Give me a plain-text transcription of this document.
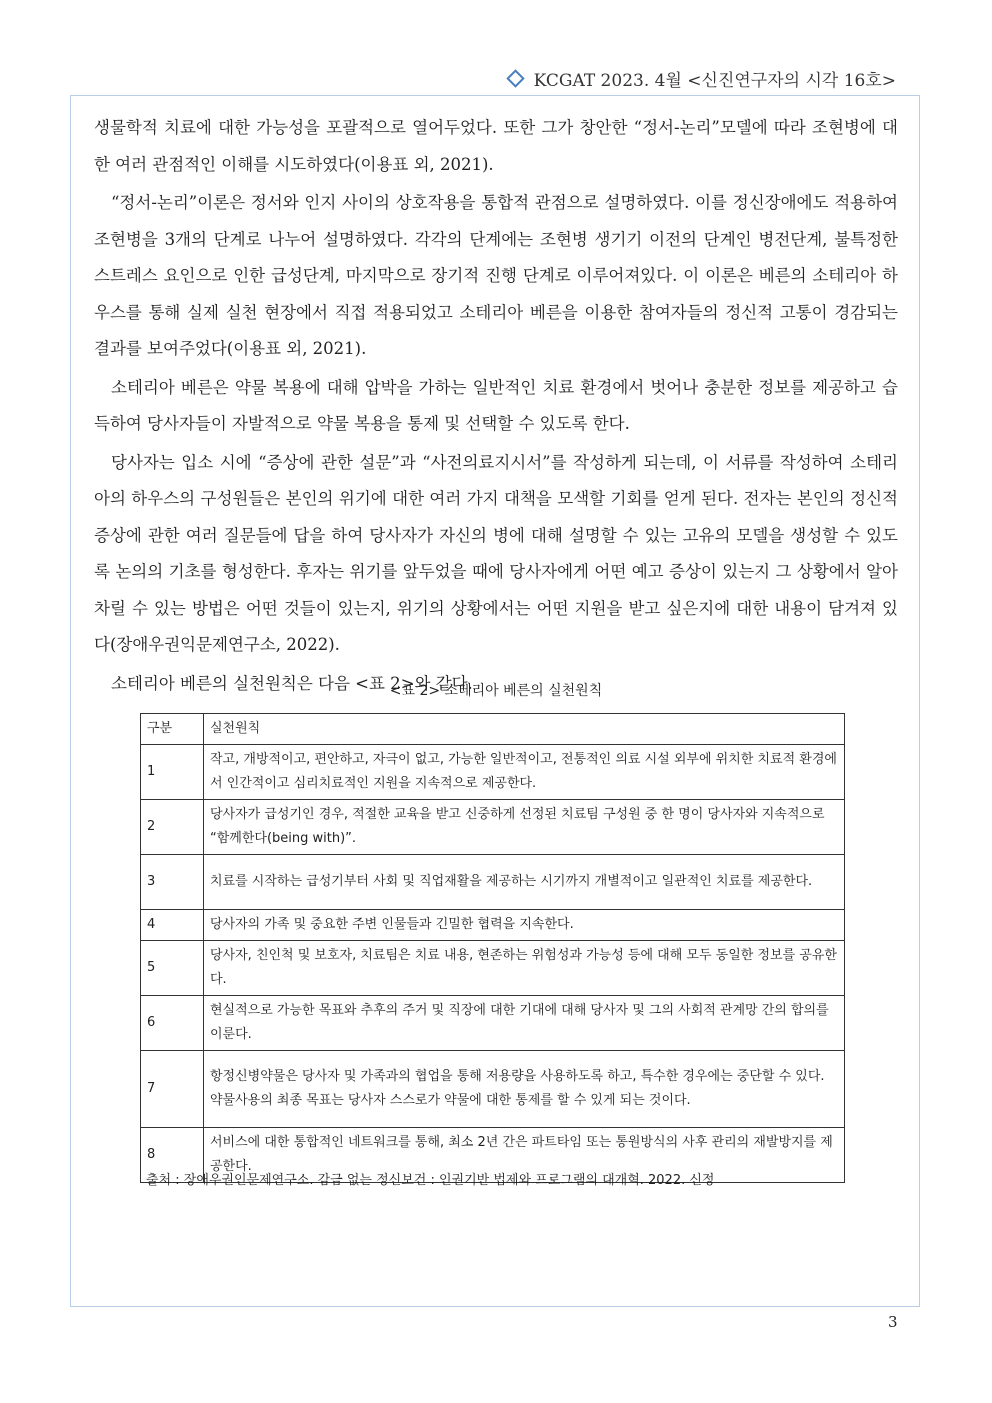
KCGAT 2023. 4월 <신진연구자의 시각 16호>

생물학적 치료에 대한 가능성을 포괄적으로 열어두었다. 또한 그가 창안한 “정서-논리”모델에 따라 조현병에 대한 여러 관점적인 이해를 시도하였다(이용표 외, 2021).

“정서-논리”이론은 정서와 인지 사이의 상호작용을 통합적 관점으로 설명하였다. 이를 정신장애에도 적용하여 조현병을 3개의 단계로 나누어 설명하였다. 각각의 단계에는 조현병 생기기 이전의 단계인 병전단계, 불특정한 스트레스 요인으로 인한 급성단계, 마지막으로 장기적 진행 단계로 이루어져있다. 이 이론은 베른의 소테리아 하우스를 통해 실제 실천 현장에서 직접 적용되었고 소테리아 베른을 이용한 참여자들의 정신적 고통이 경감되는 결과를 보여주었다(이용표 외, 2021).

소테리아 베른은 약물 복용에 대해 압박을 가하는 일반적인 치료 환경에서 벗어나 충분한 정보를 제공하고 습득하여 당사자들이 자발적으로 약물 복용을 통제 및 선택할 수 있도록 한다.

당사자는 입소 시에 “증상에 관한 설문”과 “사전의료지시서”를 작성하게 되는데, 이 서류를 작성하여 소테리아의 하우스의 구성원들은 본인의 위기에 대한 여러 가지 대책을 모색할 기회를 얻게 된다. 전자는 본인의 정신적 증상에 관한 여러 질문들에 답을 하여 당사자가 자신의 병에 대해 설명할 수 있는 고유의 모델을 생성할 수 있도록 논의의 기초를 형성한다. 후자는 위기를 앞두었을 때에 당사자에게 어떤 예고 증상이 있는지 그 상황에서 알아차릴 수 있는 방법은 어떤 것들이 있는지, 위기의 상황에서는 어떤 지원을 받고 싶은지에 대한 내용이 담겨져 있다(장애우권익문제연구소, 2022).

소테리아 베른의 실천원칙은 다음 <표 2>와 같다.

<표 2> 소테리아 베른의 실천원칙
구분	실천원칙
1	작고, 개방적이고, 편안하고, 자극이 없고, 가능한 일반적이고, 전통적인 의료 시설 외부에 위치한 치료적 환경에서 인간적이고 심리치료적인 지원을 지속적으로 제공한다.
2	당사자가 급성기인 경우, 적절한 교육을 받고 신중하게 선정된 치료팀 구성원 중 한 명이 당사자와 지속적으로 “함께한다(being with)”.
3	치료를 시작하는 급성기부터 사회 및 직업재활을 제공하는 시기까지 개별적이고 일관적인 치료를 제공한다.
4	당사자의 가족 및 중요한 주변 인물들과 긴밀한 협력을 지속한다.
5	당사자, 친인척 및 보호자, 치료팀은 치료 내용, 현존하는 위험성과 가능성 등에 대해 모두 동일한 정보를 공유한다.
6	현실적으로 가능한 목표와 추후의 주거 및 직장에 대한 기대에 대해 당사자 및 그의 사회적 관계망 간의 합의를 이룬다.
7	항정신병약물은 당사자 및 가족과의 협업을 통해 저용량을 사용하도록 하고, 특수한 경우에는 중단할 수 있다. 약물사용의 최종 목표는 당사자 스스로가 약물에 대한 통제를 할 수 있게 되는 것이다.
8	서비스에 대한 통합적인 네트워크를 통해, 최소 2년 간은 파트타임 또는 통원방식의 사후 관리의 재발방지를 제공한다.
출처 : 장애우권인문제연구소. 감금 없는 정신보건 : 인권기반 법제와 프로그램의 대개혁. 2022. 신정
3
